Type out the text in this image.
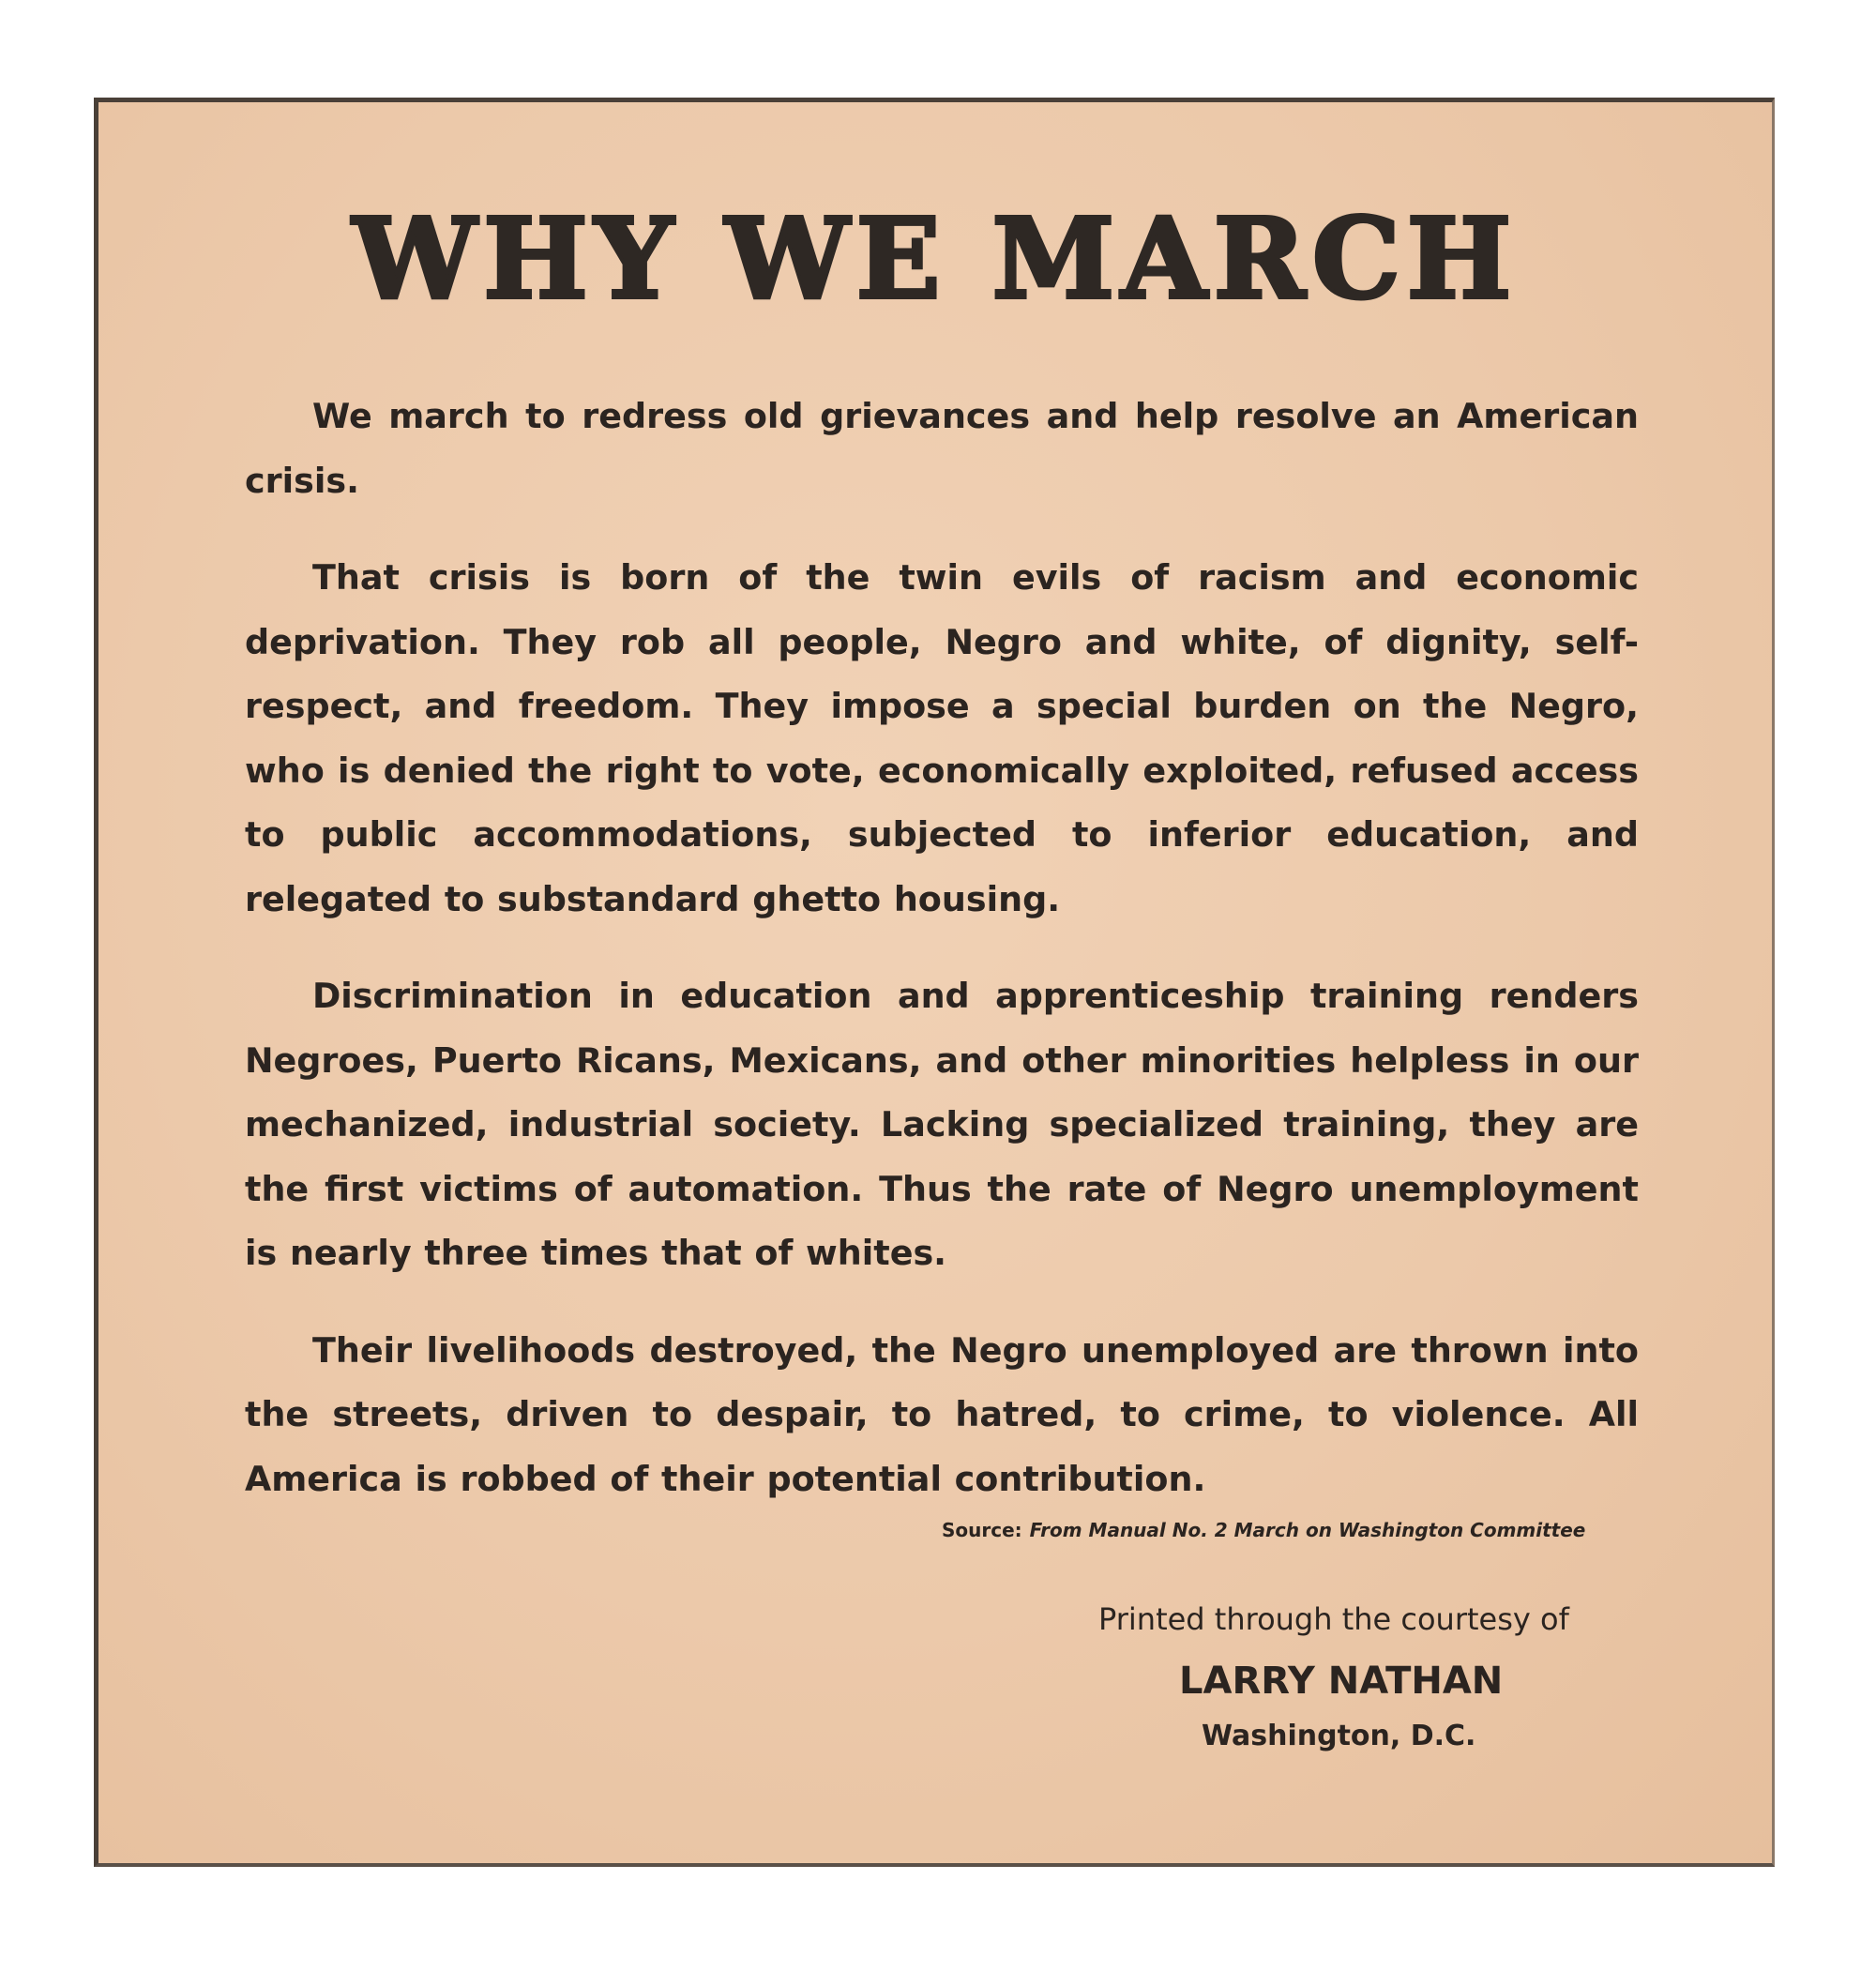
WHY WE MARCH

We march to redress old grievances and help resolve an American crisis.

That crisis is born of the twin evils of racism and economic deprivation. They rob all people, Negro and white, of dignity, self-respect, and freedom. They impose a special burden on the Negro, who is denied the right to vote, economically exploited, refused access to public accommodations, subjected to inferior education, and relegated to substandard ghetto housing.

Discrimination in education and apprenticeship training renders Negroes, Puerto Ricans, Mexicans, and other minorities helpless in our mechanized, industrial society. Lacking specialized training, they are the first victims of automation. Thus the rate of Negro unemployment is nearly three times that of whites.

Their livelihoods destroyed, the Negro unemployed are thrown into the streets, driven to despair, to hatred, to crime, to violence. All America is robbed of their potential contribution.

Source: From Manual No. 2 March on Washington Committee
Printed through the courtesy of
LARRY NATHAN
Washington, D.C.
